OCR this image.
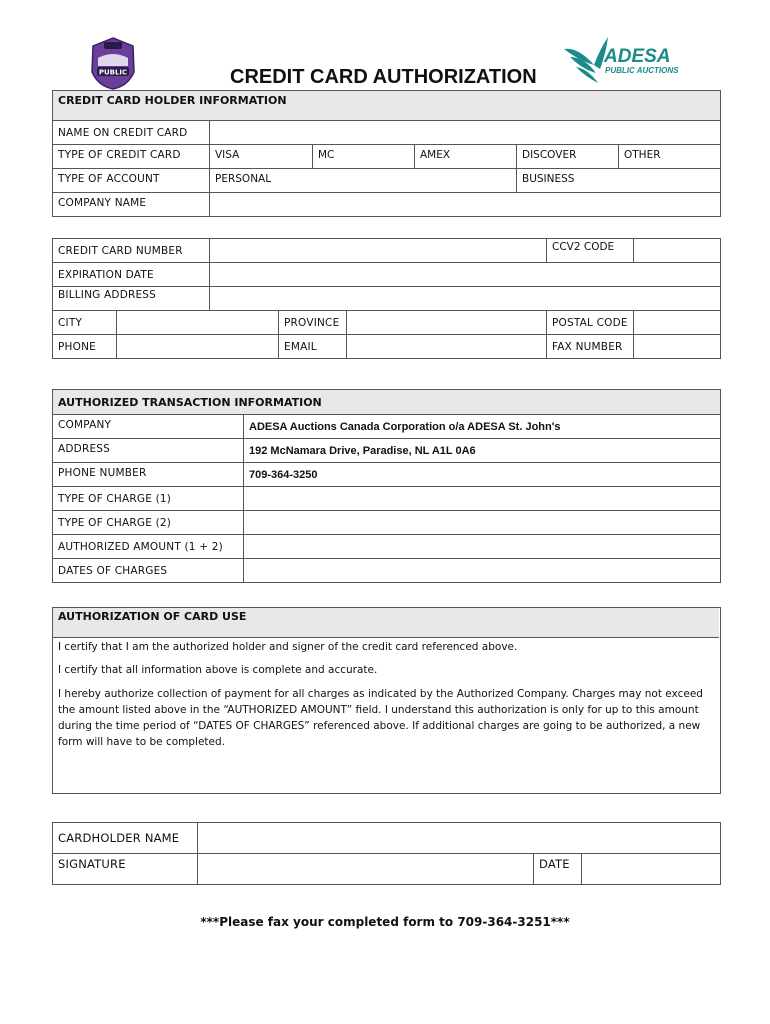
PUBLIC
ADESA
PUBLIC AUCTIONS
CREDIT CARD AUTHORIZATION
CREDIT CARD HOLDER INFORMATION					
NAME ON CREDIT CARD					
TYPE OF CREDIT CARD	VISA	MC	AMEX	DISCOVER	OTHER
TYPE OF ACCOUNT	PERSONAL			BUSINESS	
COMPANY NAME					
CREDIT CARD NUMBER					CCV2 CODE	
EXPIRATION DATE						
BILLING ADDRESS						
CITY			PROVINCE		POSTAL CODE	
PHONE			EMAIL		FAX NUMBER	
AUTHORIZED TRANSACTION INFORMATION	
COMPANY	ADESA Auctions Canada Corporation o/a ADESA St. John's
ADDRESS	192 McNamara Drive, Paradise, NL A1L 0A6
PHONE NUMBER	709-364-3250
TYPE OF CHARGE (1)	
TYPE OF CHARGE (2)	
AUTHORIZED AMOUNT (1 + 2)	
DATES OF CHARGES	
AUTHORIZATION OF CARD USE
I certify that I am the authorized holder and signer of the credit card referenced above.
I certify that all information above is complete and accurate.
I hereby authorize collection of payment for all charges as indicated by the Authorized Company. Charges may not exceed the amount listed above in the “AUTHORIZED AMOUNT” field. I understand this authorization is only for up to this amount during the time period of “DATES OF CHARGES” referenced above. If additional charges are going to be authorized, a new form will have to be completed.
CARDHOLDER NAME			
SIGNATURE		DATE	
***Please fax your completed form to 709-364-3251***
